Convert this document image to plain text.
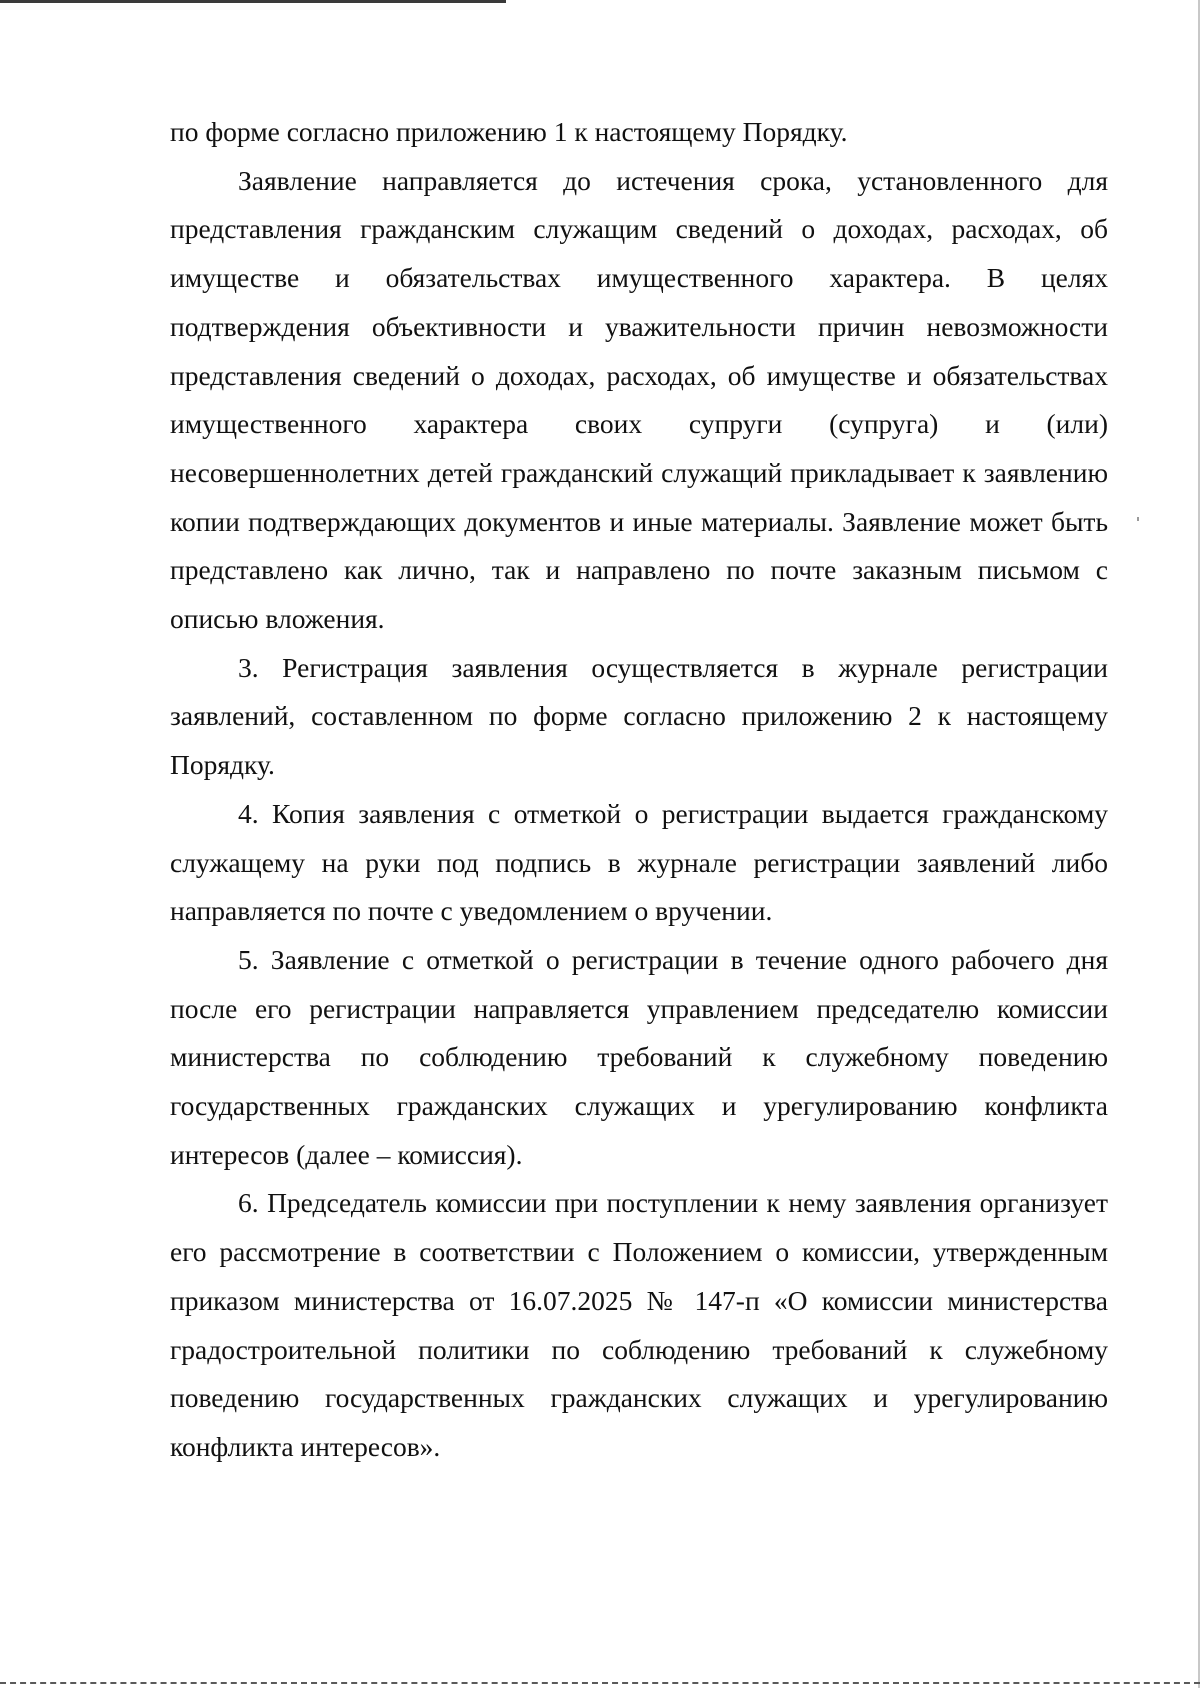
по форме согласно приложению 1 к настоящему Порядку.

Заявление направляется до истечения срока, установленного для представления гражданским служащим сведений о доходах, расходах, об имуществе и обязательствах имущественного характера. В целях подтверждения объективности и уважительности причин невозможности представления сведений о доходах, расходах, об имуществе и обязательствах имущественного характера своих супруги (супруга) и (или) несовершеннолетних детей гражданский служащий прикладывает к заявлению копии подтверждающих документов и иные материалы. Заявление может быть представлено как лично, так и направлено по почте заказным письмом с описью вложения.

3. Регистрация заявления осуществляется в журнале регистрации заявлений, составленном по форме согласно приложению 2 к настоящему Порядку.

4. Копия заявления с отметкой о регистрации выдается гражданскому служащему на руки под подпись в журнале регистрации заявлений либо направляется по почте с уведомлением о вручении.

5. Заявление с отметкой о регистрации в течение одного рабочего дня после его регистрации направляется управлением председателю комиссии министерства по соблюдению требований к служебному поведению государственных гражданских служащих и урегулированию конфликта интересов (далее – комиссия).

6. Председатель комиссии при поступлении к нему заявления организует его рассмотрение в соответствии с Положением о комиссии, утвержденным приказом министерства от 16.07.2025 № 147-п «О комиссии министерства градостроительной политики по соблюдению требований к служебному поведению государственных гражданских служащих и урегулированию конфликта интересов».
